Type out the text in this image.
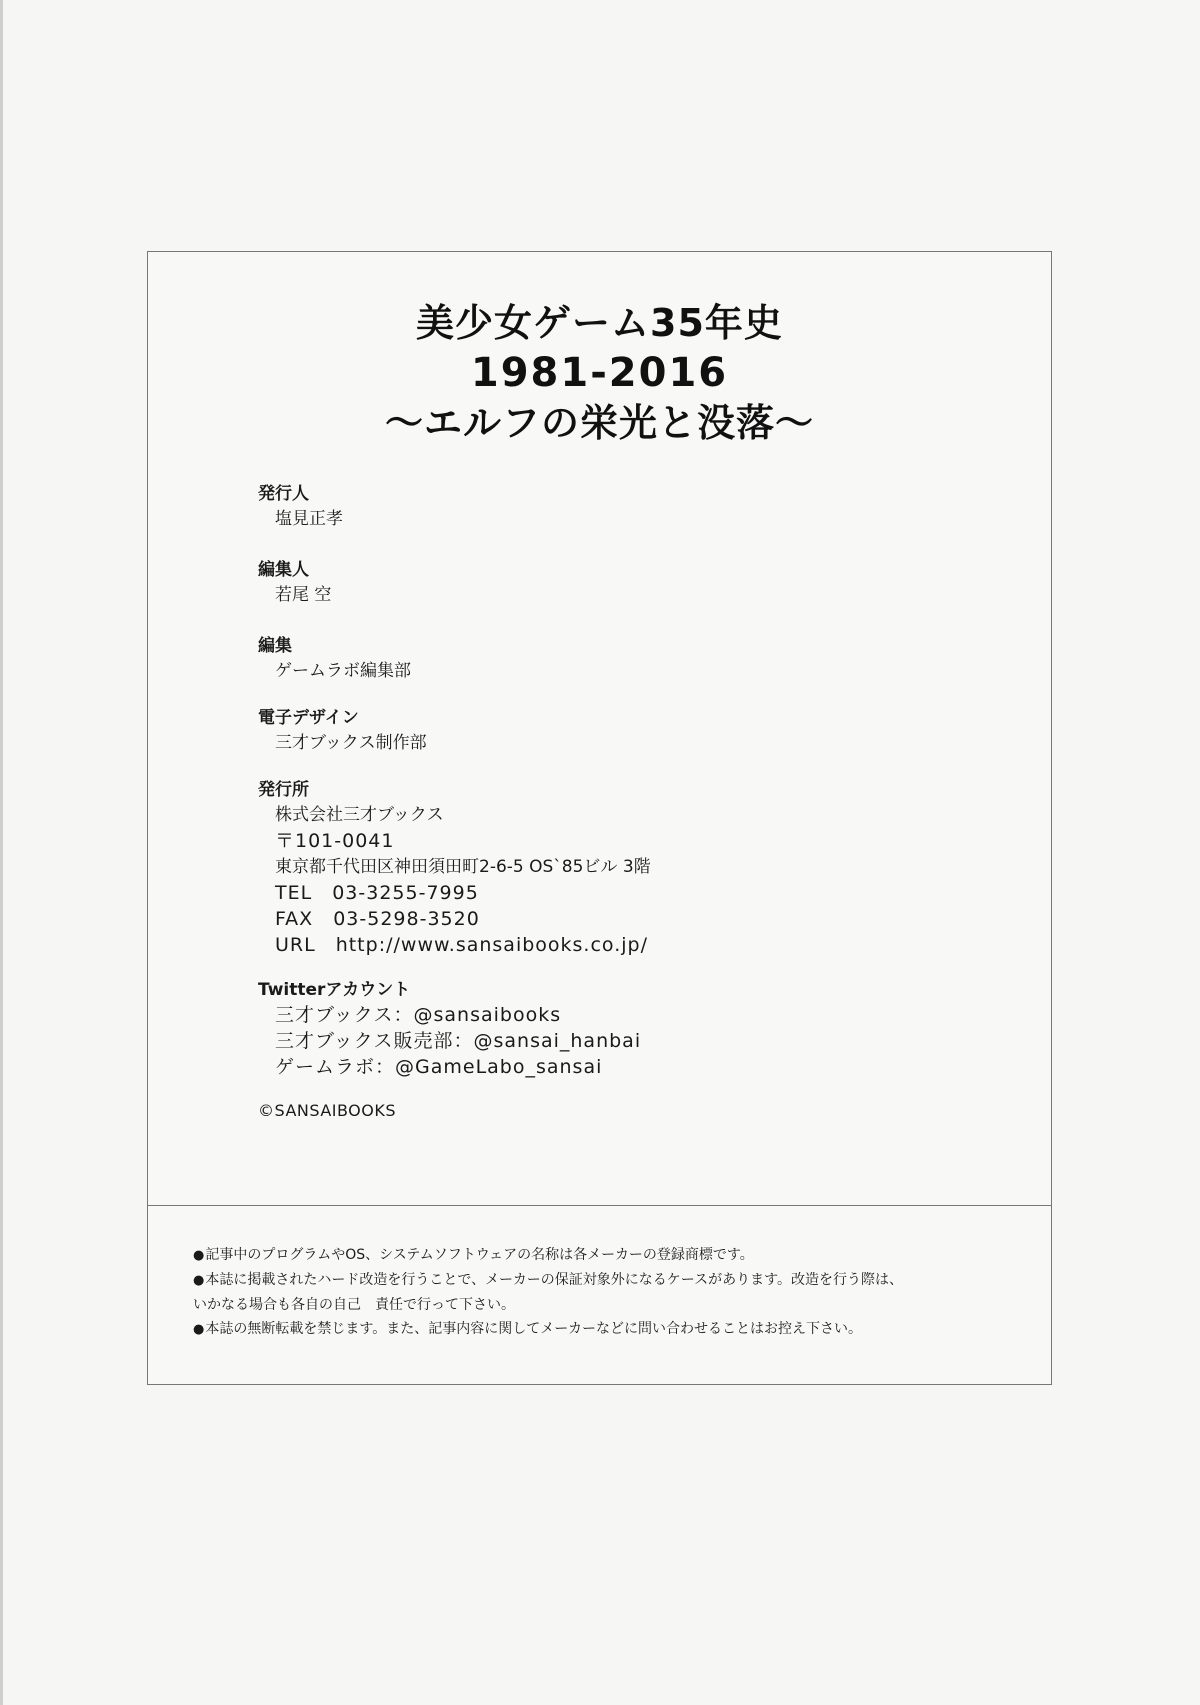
美少女ゲーム35年史
1981-2016
～エルフの栄光と没落～

発行人

塩見正孝

編集人

若尾 空

編集

ゲームラボ編集部

電子デザイン

三才ブックス制作部

発行所

株式会社三才ブックス

〒101-0041

東京都千代田区神田須田町2-6-5 OS`85ビル 3階

TEL　03-3255-7995

FAX　03-5298-3520

URL　http://www.sansaibooks.co.jp/

Twitterアカウント

三才ブックス：@sansaibooks

三才ブックス販売部：@sansai_hanbai

ゲームラボ：@GameLabo_sansai

©SANSAIBOOKS

●記事中のプログラムやOS、システムソフトウェアの名称は各メーカーの登録商標です。

●本誌に掲載されたハード改造を行うことで、メーカーの保証対象外になるケースがあります。改造を行う際は、

いかなる場合も各自の自己　責任で行って下さい。

●本誌の無断転載を禁じます。また、記事内容に関してメーカーなどに問い合わせることはお控え下さい。
